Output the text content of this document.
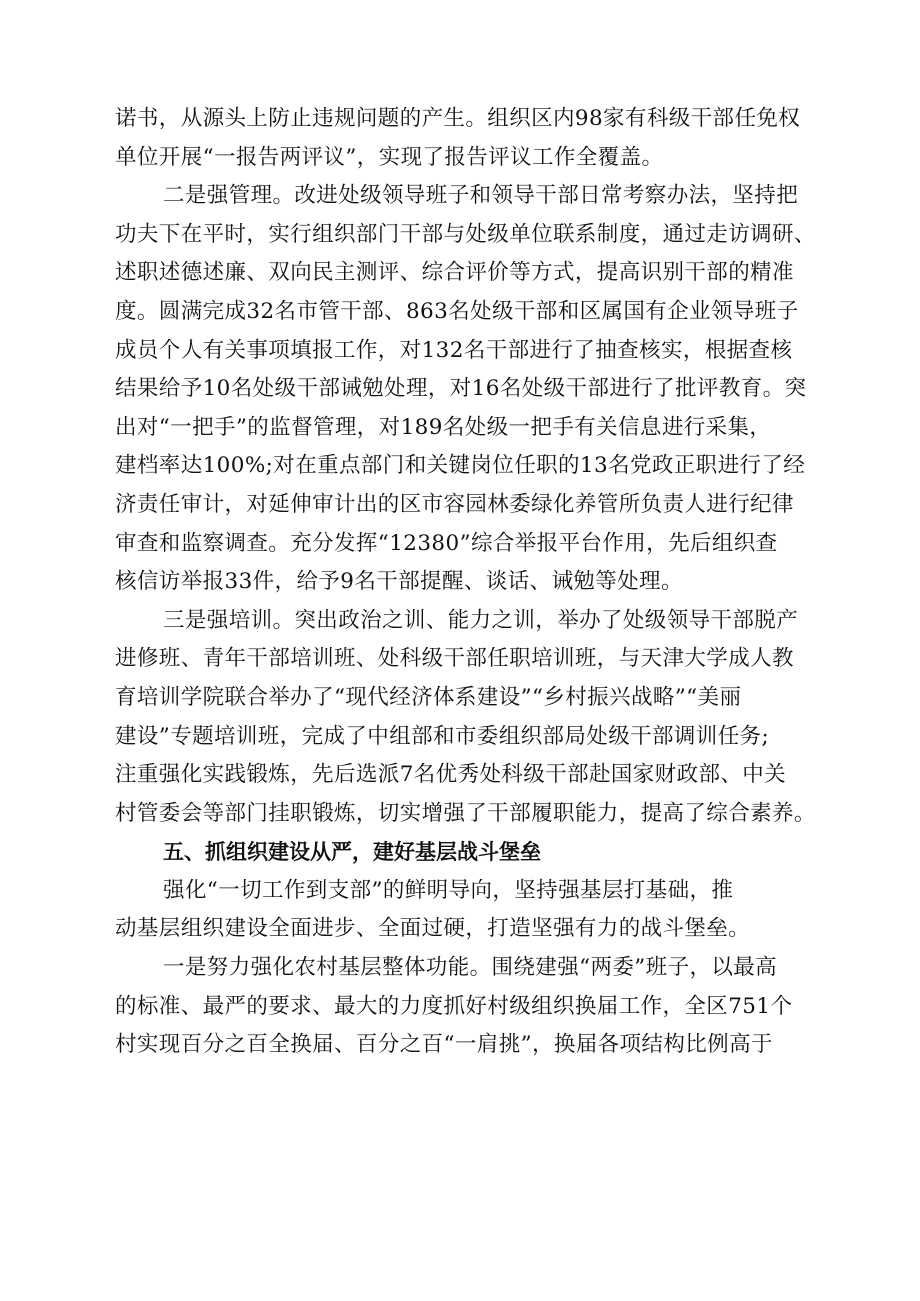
诺书，从源头上防止违规问题的产生。组织区内98家有科级干部任免权
单位开展“一报告两评议”，实现了报告评议工作全覆盖。

二是强管理。改进处级领导班子和领导干部日常考察办法，坚持把
功夫下在平时，实行组织部门干部与处级单位联系制度，通过走访调研、
述职述德述廉、双向民主测评、综合评价等方式，提高识别干部的精准
度。圆满完成32名市管干部、863名处级干部和区属国有企业领导班子
成员个人有关事项填报工作，对132名干部进行了抽查核实，根据查核
结果给予10名处级干部诫勉处理，对16名处级干部进行了批评教育。突
出对“一把手”的监督管理，对189名处级一把手有关信息进行采集，
建档率达100%;对在重点部门和关键岗位任职的13名党政正职进行了经
济责任审计，对延伸审计出的区市容园林委绿化养管所负责人进行纪律
审查和监察调查。充分发挥“12380”综合举报平台作用，先后组织查
核信访举报33件，给予9名干部提醒、谈话、诫勉等处理。

三是强培训。突出政治之训、能力之训，举办了处级领导干部脱产
进修班、青年干部培训班、处科级干部任职培训班，与天津大学成人教
育培训学院联合举办了“现代经济体系建设”“乡村振兴战略”“美丽
建设”专题培训班，完成了中组部和市委组织部局处级干部调训任务;
注重强化实践锻炼，先后选派7名优秀处科级干部赴国家财政部、中关
村管委会等部门挂职锻炼，切实增强了干部履职能力，提高了综合素养。

五、抓组织建设从严，建好基层战斗堡垒

强化“一切工作到支部”的鲜明导向，坚持强基层打基础，推
动基层组织建设全面进步、全面过硬，打造坚强有力的战斗堡垒。

一是努力强化农村基层整体功能。围绕建强“两委”班子，以最高
的标准、最严的要求、最大的力度抓好村级组织换届工作，全区751个
村实现百分之百全换届、百分之百“一肩挑”，换届各项结构比例高于
